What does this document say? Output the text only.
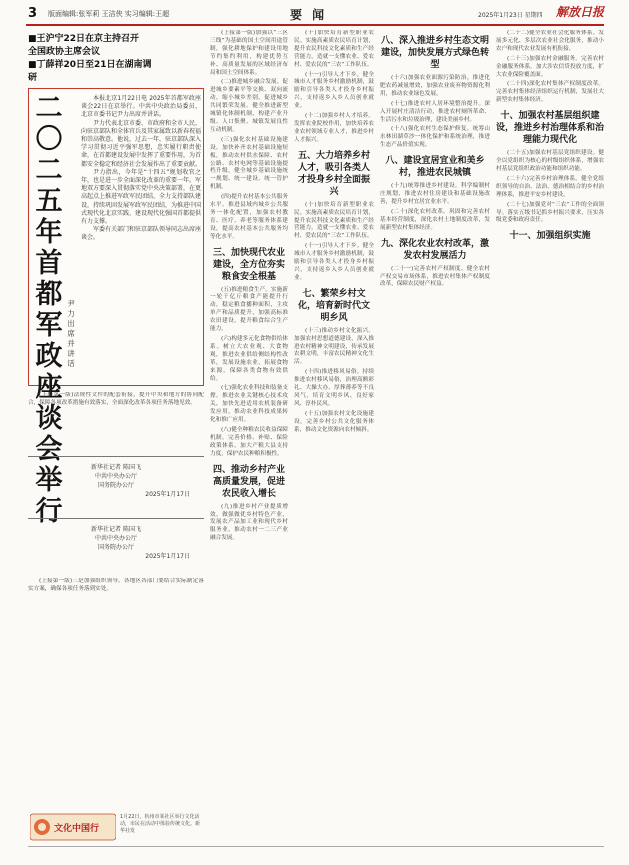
3 版面编辑:张军莉 王洁侠 实习编辑:王超	要 闻	2025年1月23日 星期四 解放日报
■王沪宁22日在京主持召开
全国政协主席会议
■丁薛祥20日至21日在湖南调
研
二〇二五年首都军政座谈会举行
尹力 出席并讲话

本报北京1月22日电 2025年首都军政座谈会22日在京举行。中共中央政治局委员、北京市委书记尹力出席并讲话。

尹力代表北京市委、市政府和全市人民，向驻京部队和全体官兵及其家属致以新春祝福和崇高敬意。他说，过去一年，驻京部队深入学习贯彻习近平强军思想，忠实履行职责使命，在首都建设发展中发挥了重要作用，为首都安全稳定和经济社会发展作出了重要贡献。

尹力指出，今年是“十四五”规划收官之年，也是进一步全面深化改革的重要一年。军地双方要深入贯彻落实党中央决策部署，在更高起点上推进军政军民团结，全力支持部队建设，持续巩固发展军政军民团结，为推进中国式现代化北京实践、建设现代化强国首都提供有力支撑。

军委有关部门和驻京部队领导同志出席座谈会。

(上接第一版)法规性文件的配套衔接，提升中央和地方的协同配合，保障各项改革措施有效落实，全面深化改革各项任务落地见效。

新华社记者 陈国飞
中共中央办公厅
国务院办公厅
2025年1月17日
新华社记者 陈国飞
中共中央办公厅
国务院办公厅
2025年1月17日

(上接第一版)三是加强组织领导，各地区各部门要结合实际制定落实方案，确保各项任务落到实处。

文化中国行
1月22日，杭州市某社区举行文化活动，市民在活动中体验传统文化。新华社发

(上接第一版)加强以“三区三线”为基础的国土空间用途管制，强化耕地保护和建设用地节约集约利用，构建优势互补、高质量发展的区域经济布局和国土空间体系。

(二)推进城乡融合发展。促进城乡要素平等交换、双向流动，缩小城乡差别，促进城乡共同繁荣发展。健全推进新型城镇化体制机制，构建产业升级、人口集聚、城镇发展良性互动机制。

(三)强化农村基础设施建设。加快补齐农村基础设施短板，推动农村供水保障、农村公路、农村电网等基础设施提档升级，健全城乡基础设施统一规划、统一建设、统一管护机制。

(四)提升农村基本公共服务水平。推进县域内城乡公共服务一体化配置，加强农村教育、医疗、养老等服务体系建设，提高农村基本公共服务均等化水平。

三、加快现代农业建设，全方位夯实粮食安全根基

(五)推进粮食生产。实施新一轮千亿斤粮食产能提升行动，稳定粮食播种面积，主攻单产和品质提升，加强高标准农田建设，提升粮食综合生产能力。

(六)构建多元化食物供给体系。树立大农业观、大食物观，推进农业供给侧结构性改革，发展设施农业，拓展食物来源，保障各类食物有效供给。

(七)强化农业科技和装备支撑。推进农业关键核心技术攻关，加快先进适用农机装备研发应用，推动农业科技成果转化和推广应用。

(八)健全种粮农民收益保障机制。完善价格、补贴、保险政策体系，加大产粮大县支持力度，保护农民种粮积极性。

四、推动乡村产业高质量发展，促进农民收入增长

(九)推进乡村产业提质增效。做强做优乡村特色产业，发展农产品加工业和现代乡村服务业，推动农村一二三产业融合发展。

(十)加快培育新型职业农民。实施高素质农民培育计划，提升农民科技文化素质和生产经营能力，造就一支懂农业、爱农村、爱农民的“三农”工作队伍。

(十一)引导人才下乡。健全城市人才服务乡村激励机制，鼓励和引导各类人才投身乡村振兴，支持返乡入乡人员创业就业。

(十二)加强乡村人才培养。发挥农业院校作用，加快培养农业农村领域专业人才，推进乡村人才振兴。

五、大力培养乡村人才，吸引各类人才投身乡村全面振兴

(十)加快培育新型职业农民。实施高素质农民培育计划，提升农民科技文化素质和生产经营能力，造就一支懂农业、爱农村、爱农民的“三农”工作队伍。

(十一)引导人才下乡。健全城市人才服务乡村激励机制，鼓励和引导各类人才投身乡村振兴，支持返乡入乡人员创业就业。

七、繁荣乡村文化，培育新时代文明乡风

(十三)推动乡村文化振兴。加强农村思想道德建设，深入推进农村精神文明建设，传承发展农耕文明，丰富农民精神文化生活。

(十四)推进移风易俗。持续推进农村移风易俗，治理高额彩礼、大操大办、厚葬薄养等不良风气，培育文明乡风、良好家风、淳朴民风。

(十五)加强农村文化设施建设。完善乡村公共文化服务体系，推动文化资源向农村倾斜。

八、深入推进乡村生态文明建设，加快发展方式绿色转型

(十六)加强农业面源污染防治。推进化肥农药减量增效，加强农业废弃物资源化利用，推动农业绿色发展。

(十七)推进农村人居环境整治提升。深入开展村庄清洁行动，推进农村厕所革命、生活污水和垃圾治理，建设美丽乡村。

(十八)强化农村生态保护修复。统筹山水林田湖草沙一体化保护和系统治理，推进生态产品价值实现。

八、建设宜居宜业和美乡村，推进农民城镇

(十九)统筹推进乡村建设。科学编制村庄规划，推进农村住房建设和基础设施改善，提升乡村宜居宜业水平。

(二十)深化农村改革。巩固和完善农村基本经营制度，深化农村土地制度改革，发展新型农村集体经济。

九、深化农业农村改革，激发农村发展活力

(二十一)完善农村产权制度。健全农村产权交易市场体系，推进农村集体产权制度改革，保障农民财产权益。

(二十二)健全农业社会化服务体系。发展多元化、多层次农业社会化服务，推动小农户和现代农业发展有机衔接。

(二十三)加强农村金融服务。完善农村金融服务体系，加大涉农信贷投放力度，扩大农业保险覆盖面。

(二十四)深化农村集体产权制度改革。完善农村集体经济组织运行机制，发展壮大新型农村集体经济。

十、加强农村基层组织建设，推进乡村治理体系和治理能力现代化

(二十五)加强农村基层党组织建设。健全以党组织为核心的村级组织体系，增强农村基层党组织政治功能和组织功能。

(二十六)完善乡村治理体系。健全党组织领导的自治、法治、德治相结合的乡村治理体系，推进平安乡村建设。

(二十七)加强党对“三农”工作的全面领导。落实五级书记抓乡村振兴要求，压实各级党委和政府责任。

十一、加强组织实施
